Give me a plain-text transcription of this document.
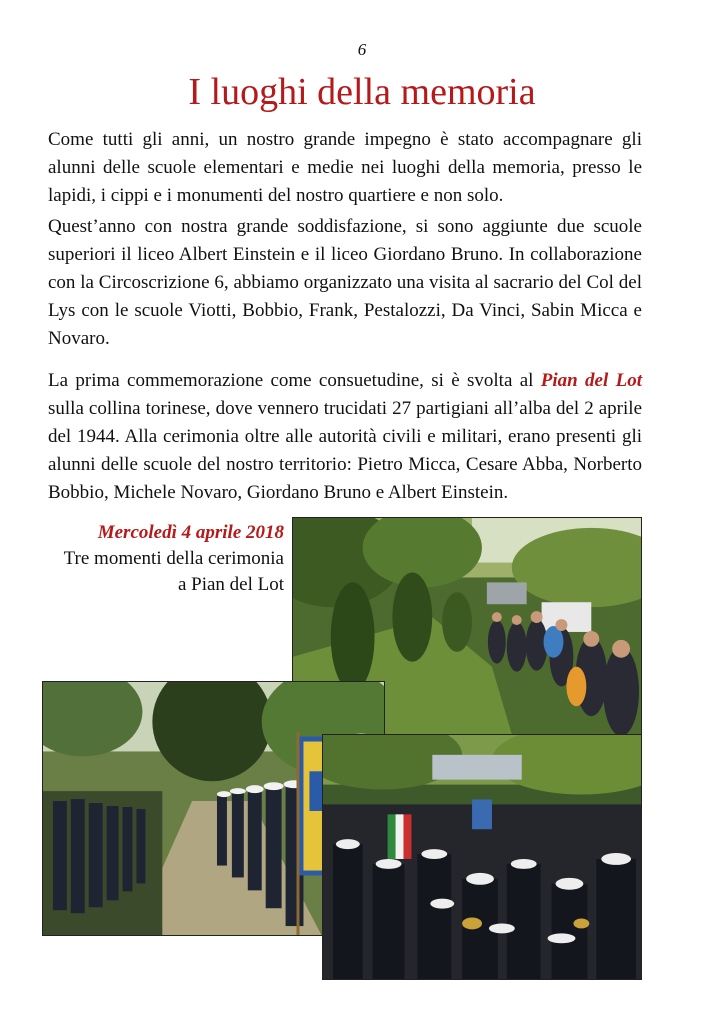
6
I luoghi della memoria

Come tutti gli anni, un nostro grande impegno è stato accompagnare gli alunni delle scuole elementari e medie nei luoghi della memoria, presso le lapidi, i cippi e i monumenti del nostro quartiere e non solo.

Quest’anno con nostra grande soddisfazione, si sono aggiunte due scuole superiori il liceo Albert Einstein e il liceo Giordano Bruno. In collaborazione con la Circoscrizione 6, abbiamo organizzato una visita al sacrario del Col del Lys con le scuole Viotti, Bobbio, Frank, Pestalozzi, Da Vinci, Sabin Micca e Novaro.

La prima commemorazione come consuetudine, si è svolta al Pian del Lot sulla collina torinese, dove vennero trucidati 27 partigiani all’alba del 2 aprile del 1944. Alla cerimonia oltre alle autorità civili e militari, erano presenti gli alunni delle scuole del nostro territorio: Pietro Micca, Cesare Abba, Norberto Bobbio, Michele Novaro, Giordano Bruno e Albert Einstein.

Mercoledì 4 aprile 2018
Tre momenti della cerimonia
a Pian del Lot
